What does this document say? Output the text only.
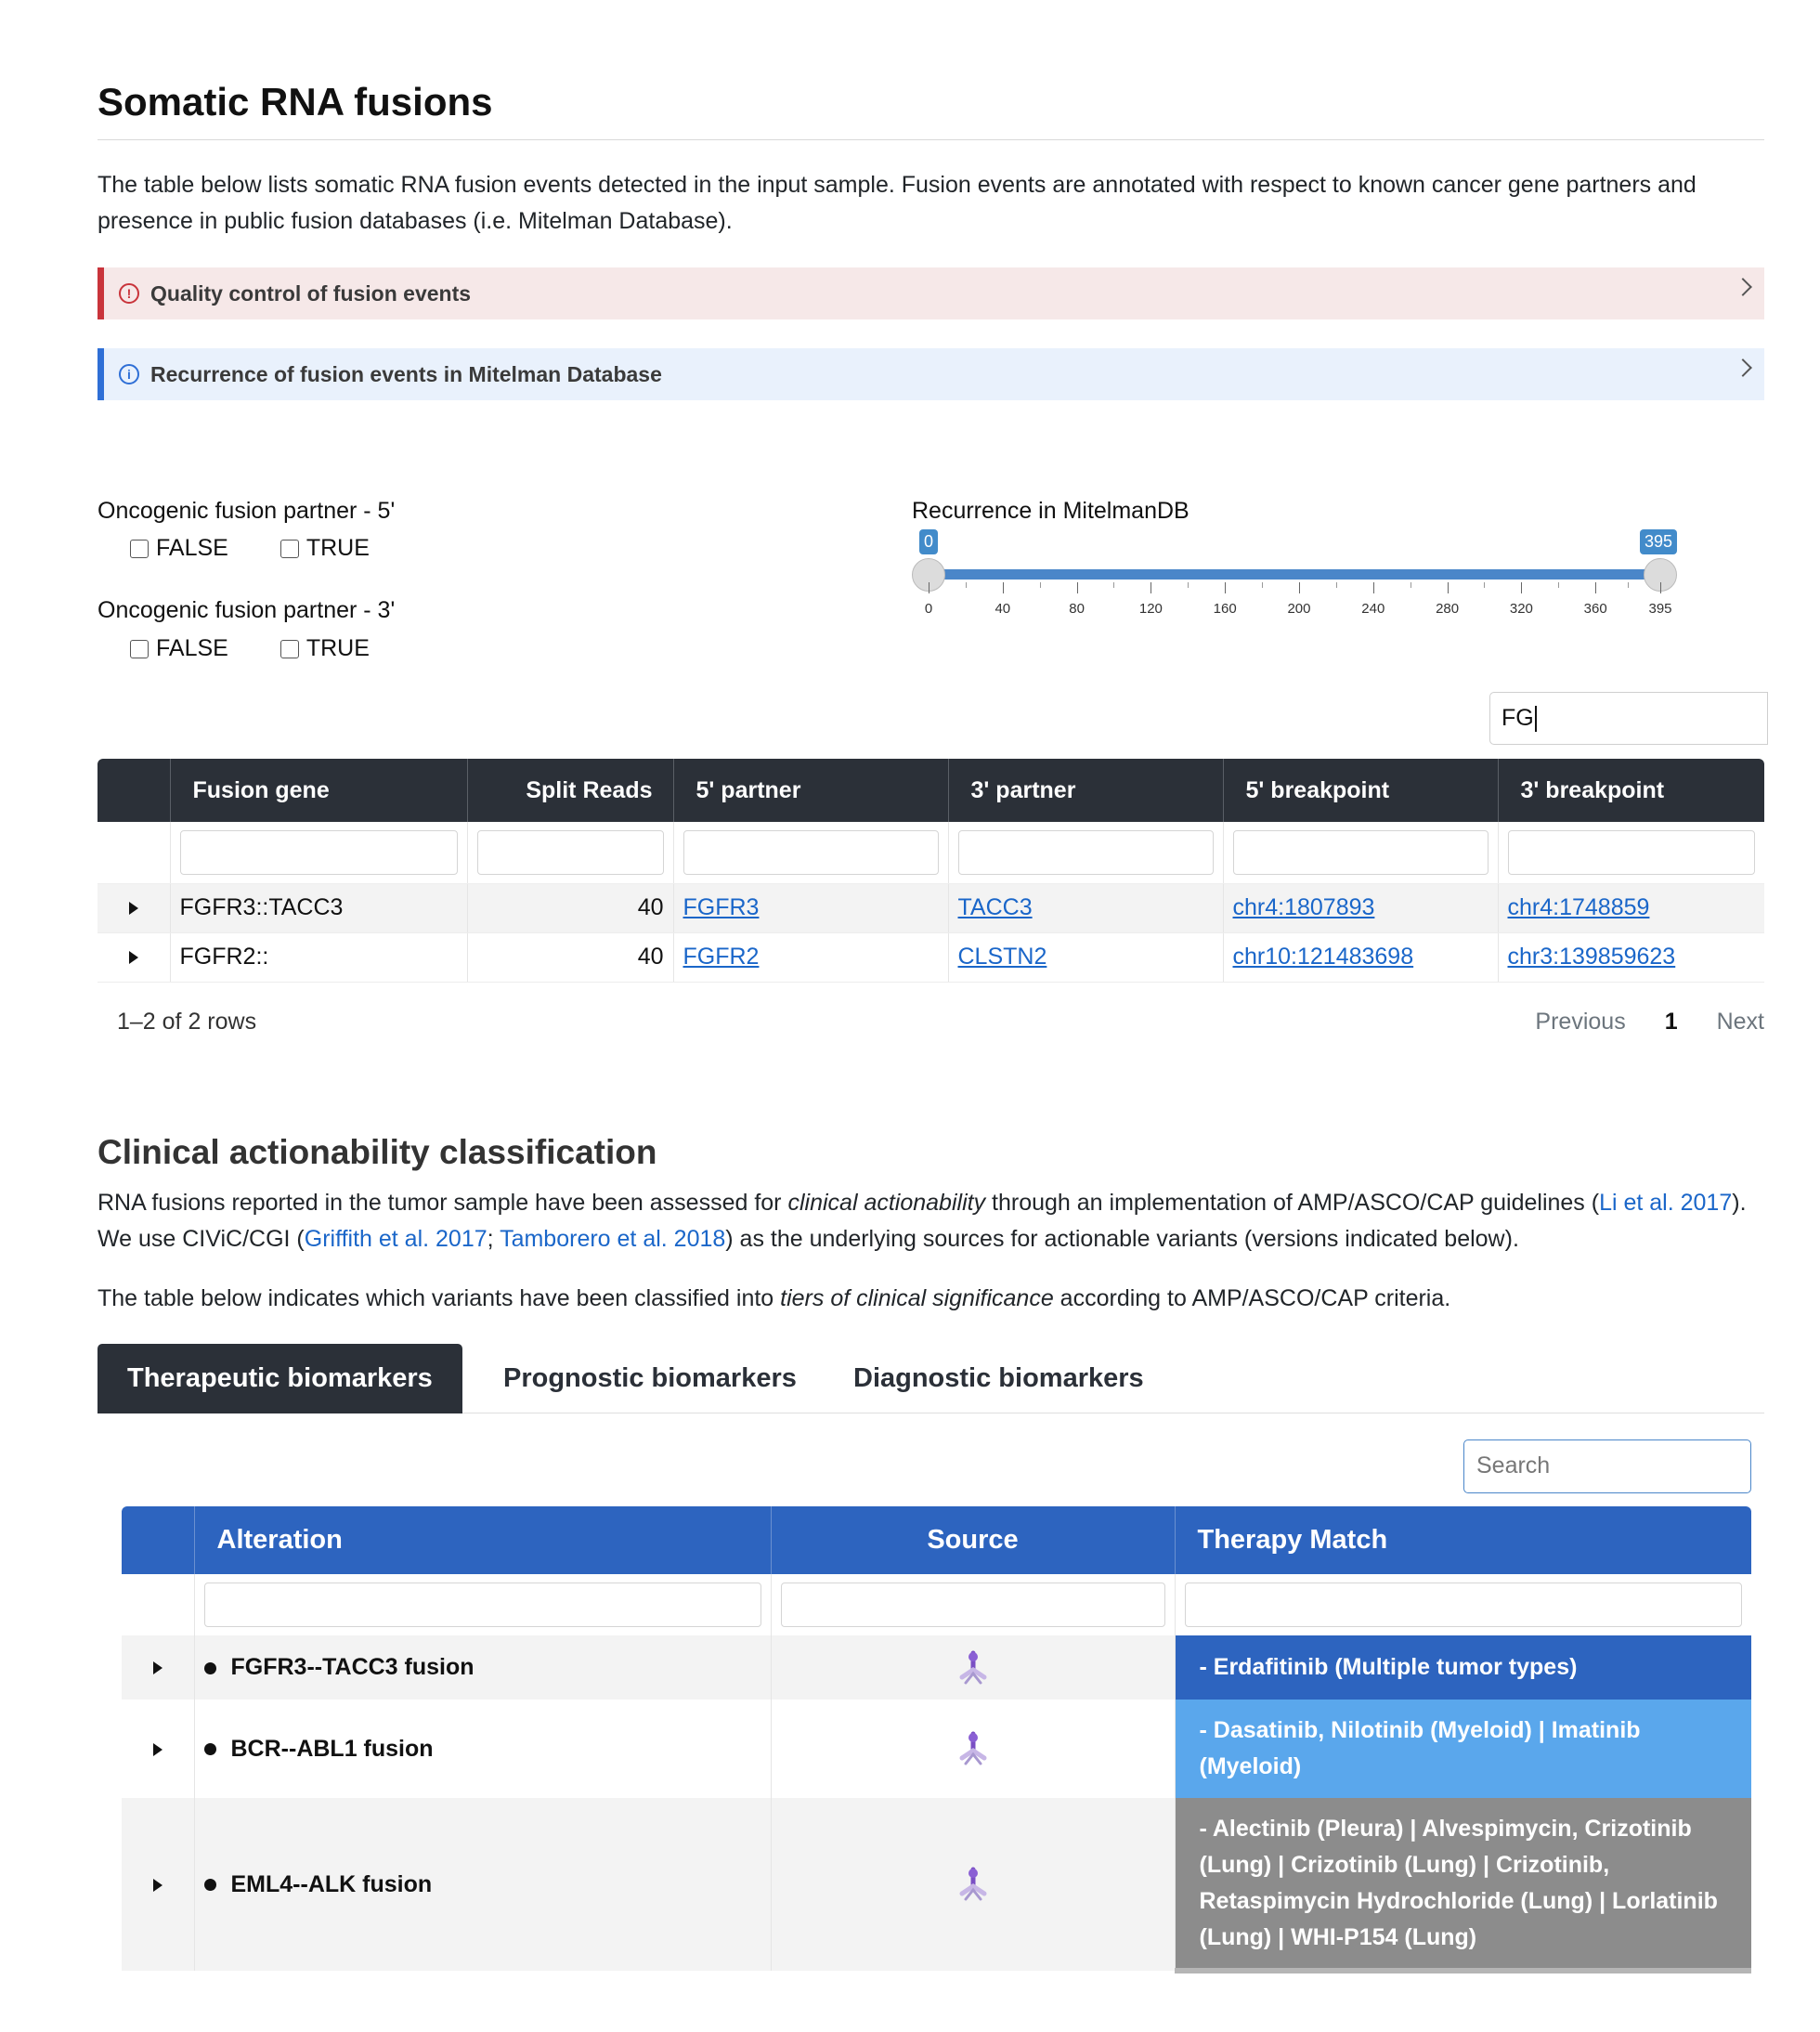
Somatic RNA fusions
The table below lists somatic RNA fusion events detected in the input sample. Fusion events are annotated with respect to known cancer gene partners and presence in public fusion databases (i.e. Mitelman Database).
! Quality control of fusion events
i Recurrence of fusion events in Mitelman Database
Oncogenic fusion partner - 5'
FALSE	TRUE
Oncogenic fusion partner - 3'
FALSE	TRUE
Recurrence in MitelmanDB
0	395
0	40	80	120	160	200	240	280	320	360	395
FG
	Fusion gene	Split Reads	5' partner	3' partner	5' breakpoint	3' breakpoint

	FGFR3::TACC3	40	FGFR3	TACC3	chr4:1807893	chr4:1748859
	FGFR2::	40	FGFR2	CLSTN2	chr10:121483698	chr3:139859623
1–2 of 2 rows	Previous 1 Next
Clinical actionability classification
RNA fusions reported in the tumor sample have been assessed for clinical actionability through an implementation of AMP/ASCO/CAP guidelines (Li et al. 2017). We use CIViC/CGI (Griffith et al. 2017; Tamborero et al. 2018) as the underlying sources for actionable variants (versions indicated below).
The table below indicates which variants have been classified into tiers of clinical significance according to AMP/ASCO/CAP criteria.
Therapeutic biomarkers	Prognostic biomarkers	Diagnostic biomarkers
Search
	Alteration	Source	Therapy Match

	FGFR3--TACC3 fusion		- Erdafitinib (Multiple tumor types)
	BCR--ABL1 fusion		- Dasatinib, Nilotinib (Myeloid) | Imatinib (Myeloid)
	EML4--ALK fusion		- Alectinib (Pleura) | Alvespimycin, Crizotinib (Lung) | Crizotinib (Lung) | Crizotinib, Retaspimycin Hydrochloride (Lung) | Lorlatinib (Lung) | WHI-P154 (Lung)
